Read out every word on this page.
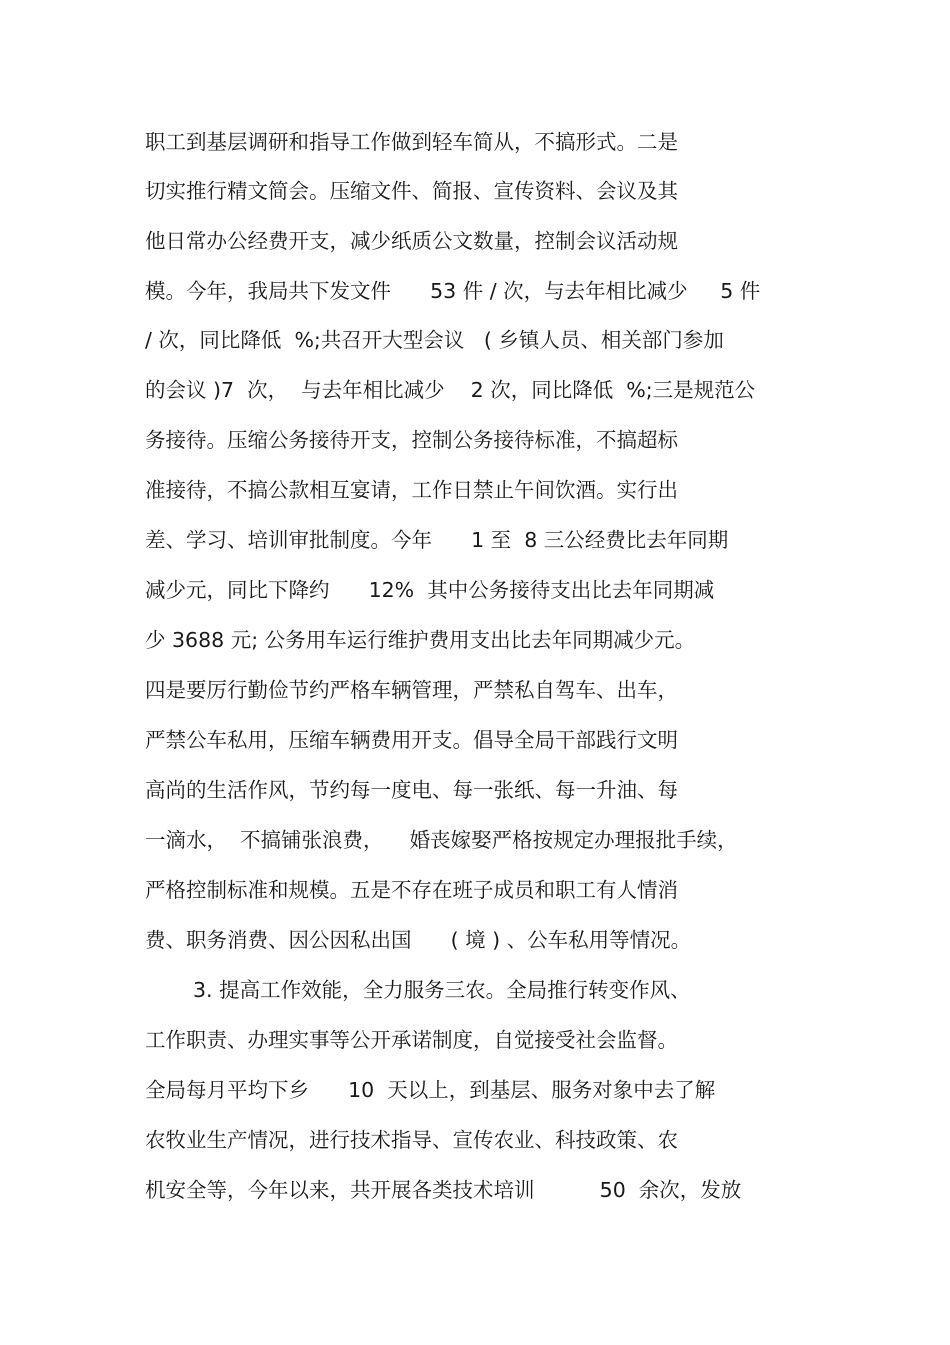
职工到基层调研和指导工作做到轻车简从，不搞形式。二是
切实推行精文简会。压缩文件、简报、宣传资料、会议及其
他日常办公经费开支，减少纸质公文数量，控制会议活动规
模。今年，我局共下发文件      53 件 / 次，与去年相比减少     5 件
/ 次，同比降低  %;共召开大型会议   ( 乡镇人员、相关部门参加
的会议 )7  次，  与去年相比减少    2 次，同比降低  %;三是规范公
务接待。压缩公务接待开支，控制公务接待标准，不搞超标
准接待，不搞公款相互宴请，工作日禁止午间饮酒。实行出
差、学习、培训审批制度。今年      1 至  8 三公经费比去年同期
减少元，同比下降约      12%  其中公务接待支出比去年同期减
少 3688 元; 公务用车运行维护费用支出比去年同期减少元。
四是要厉行勤俭节约严格车辆管理，严禁私自驾车、出车，
严禁公车私用，压缩车辆费用开支。倡导全局干部践行文明
高尚的生活作风，节约每一度电、每一张纸、每一升油、每
一滴水，  不搞铺张浪费，    婚丧嫁娶严格按规定办理报批手续，
严格控制标准和规模。五是不存在班子成员和职工有人情消
费、职务消费、因公因私出国      ( 境 ) 、公车私用等情况。
3. 提高工作效能，全力服务三农。全局推行转变作风、
工作职责、办理实事等公开承诺制度，自觉接受社会监督。
全局每月平均下乡      10  天以上，到基层、服务对象中去了解
农牧业生产情况，进行技术指导、宣传农业、科技政策、农
机安全等，今年以来，共开展各类技术培训          50  余次，发放
